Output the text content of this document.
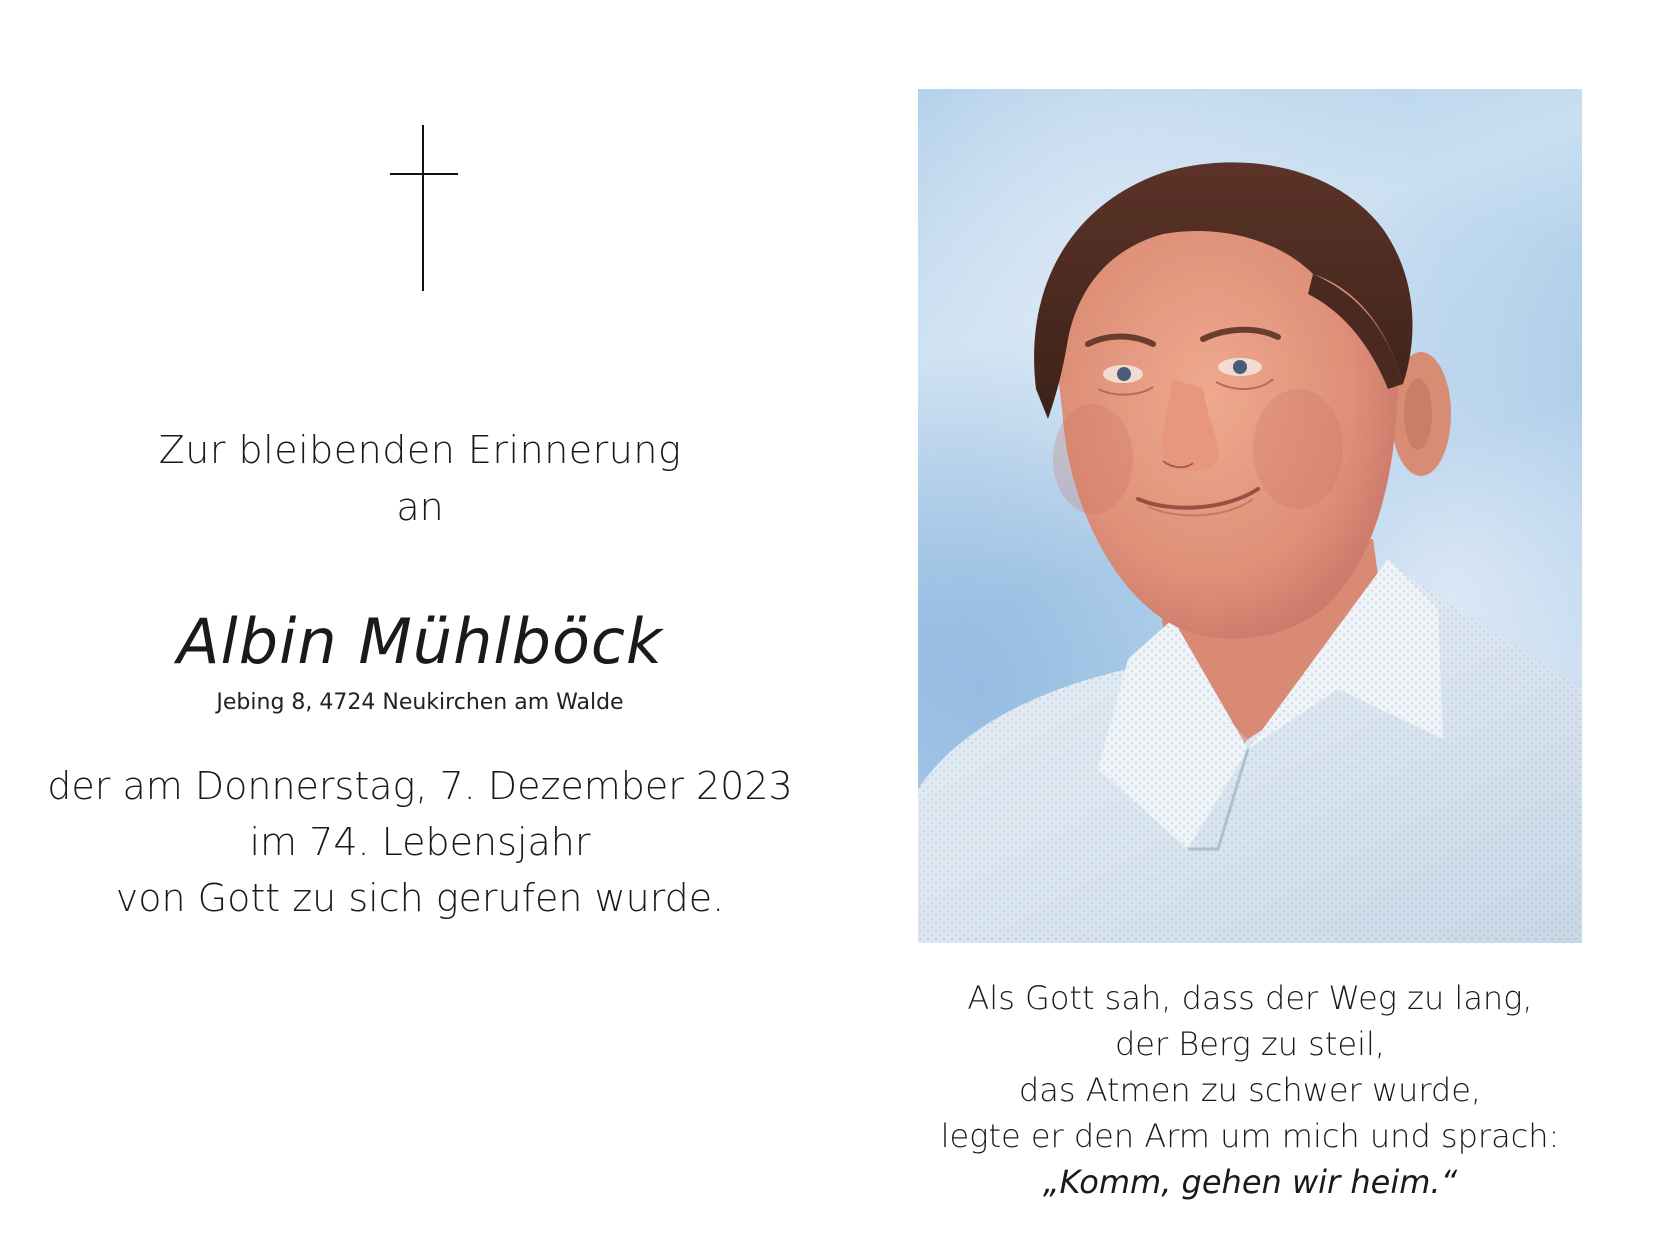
Zur bleibenden Erinnerung
an
Albin Mühlböck
Jebing 8, 4724 Neukirchen am Walde
der am Donnerstag, 7. Dezember 2023
im 74. Lebensjahr
von Gott zu sich gerufen wurde.
Als Gott sah, dass der Weg zu lang,
der Berg zu steil,
das Atmen zu schwer wurde,
legte er den Arm um mich und sprach:
„Komm, gehen wir heim.“
